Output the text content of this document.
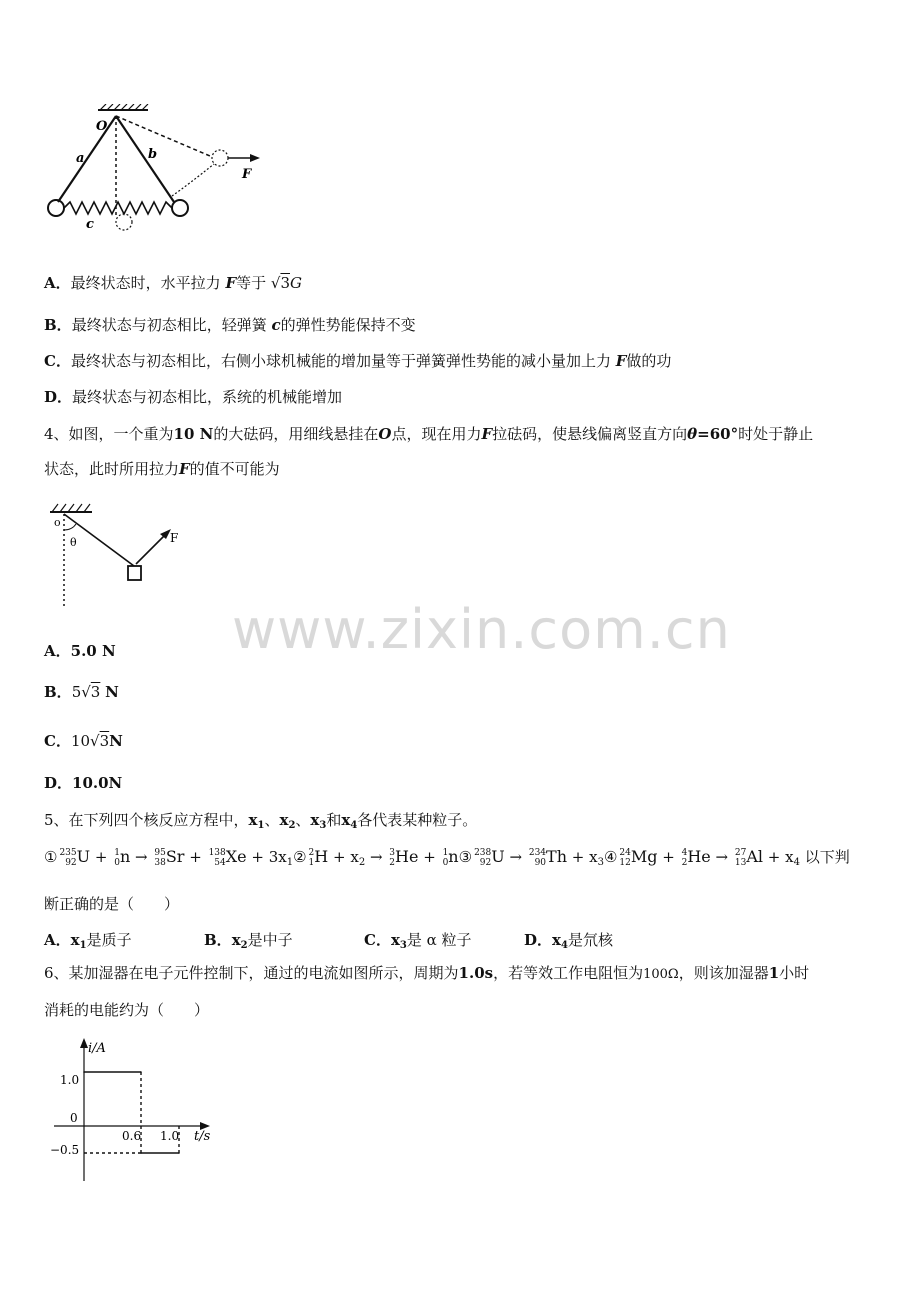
O
a	b
c
F
A．最终状态时，水平拉力 F等于 √3G
B．最终状态与初态相比，轻弹簧 c的弹性势能保持不变
C．最终状态与初态相比，右侧小球机械能的增加量等于弹簧弹性势能的减小量加上力 F做的功
D．最终状态与初态相比，系统的机械能增加
4、如图，一个重为10 N的大砝码，用细线悬挂在O点，现在用力F拉砝码，使悬线偏离竖直方向θ=60°时处于静止
状态，此时所用拉力F的值不可能为
o
θ	F
A．5.0 N
B．5√3 N
C．10√3N
D．10.0N
5、在下列四个核反应方程中，$x_1$、$x_2$、$x_3$和$x_4$各代表某种粒子。
① 235
92U + 1
0n → 95
38Sr + 138
$54Xe + 3x_1②$ 2
$1H + x_2 \to 3$
2He + 1
0n③ 238
92U → 234
$90Th + x_3④$ 24
12Mg + 4
2He → 27
$13Al + x_4$ 以下判
断正确的是（　　）
A．$x_1$是质子	B．$x_2$是中子	C．$x_3$是 α 粒子	D．$x_4$是氘核
6、某加湿器在电子元件控制下，通过的电流如图所示，周期为1.0s，若等效工作电阻恒为100Ω，则该加湿器1小时
消耗的电能约为（　　）
i/A
t/s
1.0
0
−0.5
0.6 1.0
www.zixin.com.cn
